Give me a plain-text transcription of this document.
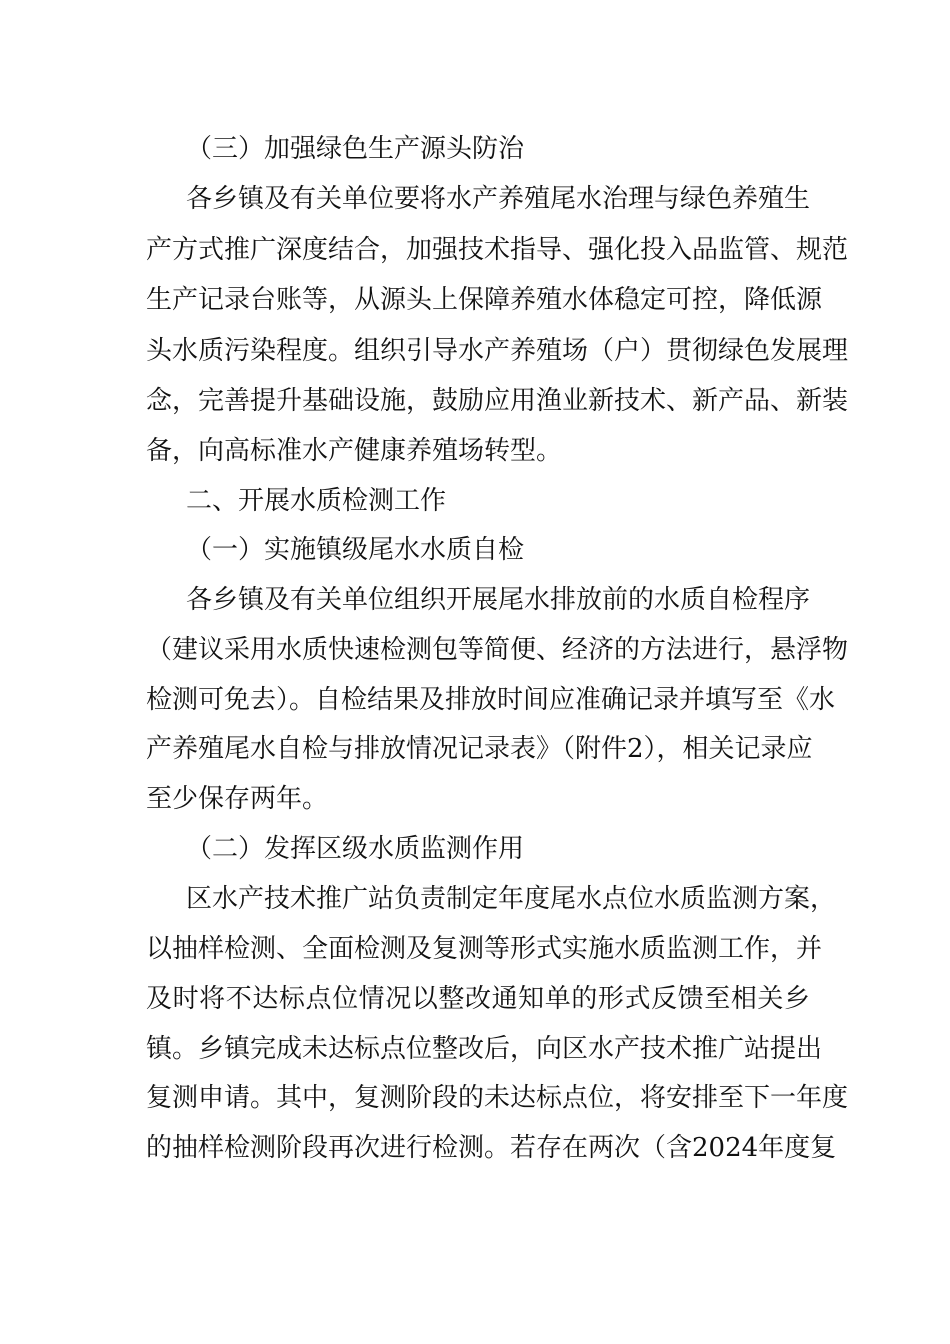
（三）加强绿色生产源头防治
各乡镇及有关单位要将水产养殖尾水治理与绿色养殖生
产方式推广深度结合，加强技术指导、强化投入品监管、规范
生产记录台账等，从源头上保障养殖水体稳定可控，降低源
头水质污染程度。组织引导水产养殖场（户）贯彻绿色发展理
念，完善提升基础设施，鼓励应用渔业新技术、新产品、新装
备，向高标准水产健康养殖场转型。
二、开展水质检测工作
（一）实施镇级尾水水质自检
各乡镇及有关单位组织开展尾水排放前的水质自检程序
（建议采用水质快速检测包等简便、经济的方法进行，悬浮物
检测可免去）。自检结果及排放时间应准确记录并填写至《水
产养殖尾水自检与排放情况记录表》（附件2），相关记录应
至少保存两年。
（二）发挥区级水质监测作用
区水产技术推广站负责制定年度尾水点位水质监测方案，
以抽样检测、全面检测及复测等形式实施水质监测工作，并
及时将不达标点位情况以整改通知单的形式反馈至相关乡
镇。乡镇完成未达标点位整改后，向区水产技术推广站提出
复测申请。其中，复测阶段的未达标点位，将安排至下一年度
的抽样检测阶段再次进行检测。若存在两次（含2024年度复
